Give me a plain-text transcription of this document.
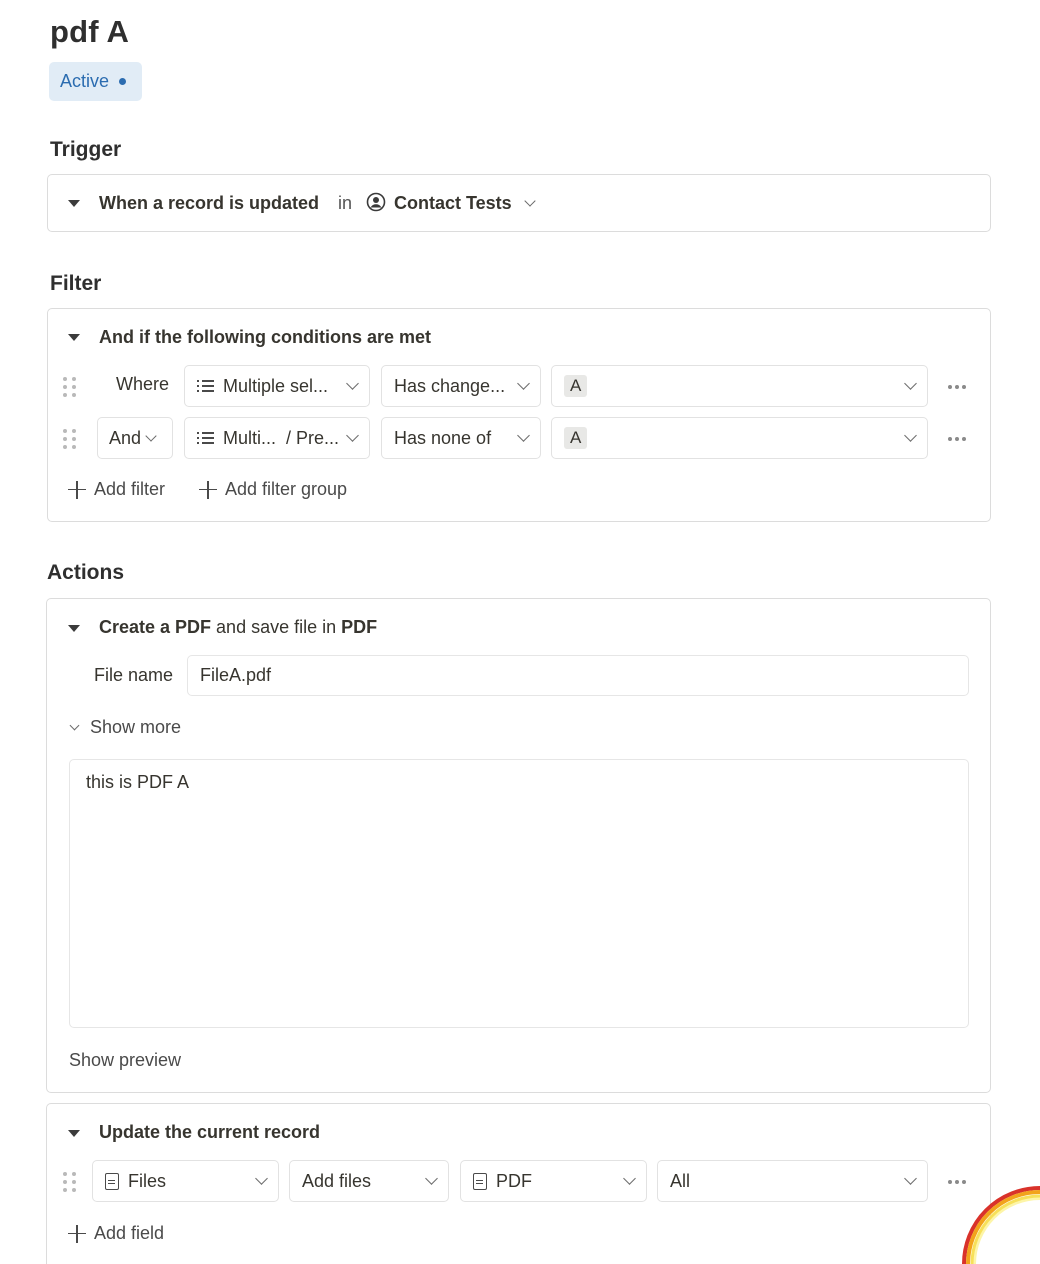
pdf A
Active
Trigger
When a record is updated in Contact Tests
Filter
And if the following conditions are met
Where	Multiple sel...	Has change...	A
And	Multi...  / Pre...	Has none of	A
Add filter	Add filter group
Actions
Create a PDF and save file in PDF
File name	FileA.pdf
Show more
this is PDF A
Show preview
Update the current record
Files	Add files	PDF	All
Add field
